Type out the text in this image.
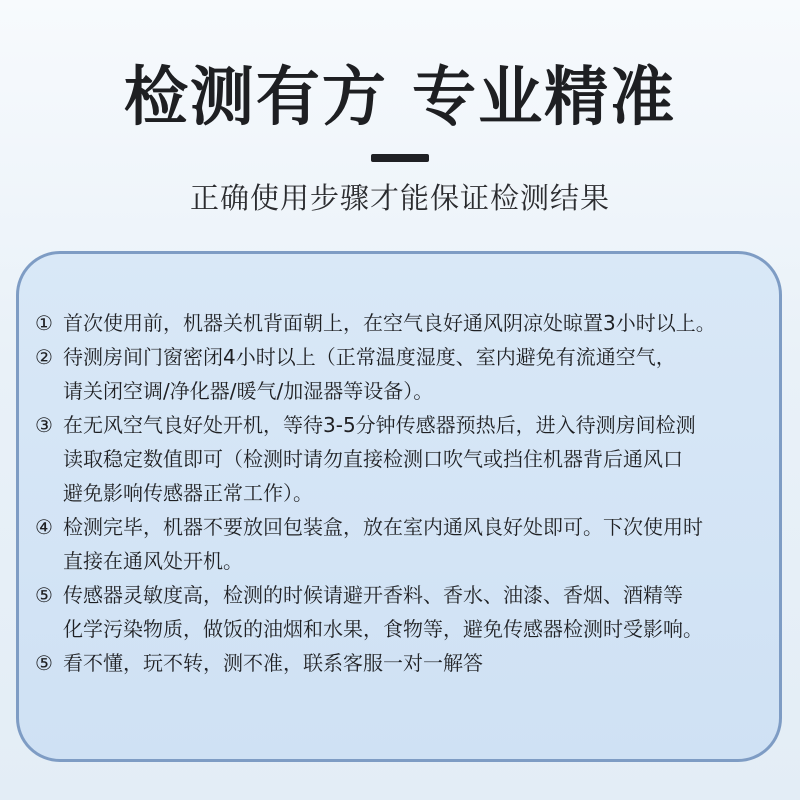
检测有方 专业精准
正确使用步骤才能保证检测结果
① 首次使用前，机器关机背面朝上，在空气良好通风阴凉处晾置3小时以上。
② 待测房间门窗密闭4小时以上（正常温度湿度、室内避免有流通空气，
请关闭空调/净化器/暖气/加湿器等设备）。
③ 在无风空气良好处开机，等待3-5分钟传感器预热后，进入待测房间检测
读取稳定数值即可（检测时请勿直接检测口吹气或挡住机器背后通风口
避免影响传感器正常工作）。
④ 检测完毕，机器不要放回包装盒，放在室内通风良好处即可。下次使用时
直接在通风处开机。
⑤ 传感器灵敏度高，检测的时候请避开香料、香水、油漆、香烟、酒精等
化学污染物质，做饭的油烟和水果，食物等，避免传感器检测时受影响。
⑤ 看不懂，玩不转，测不准，联系客服一对一解答
